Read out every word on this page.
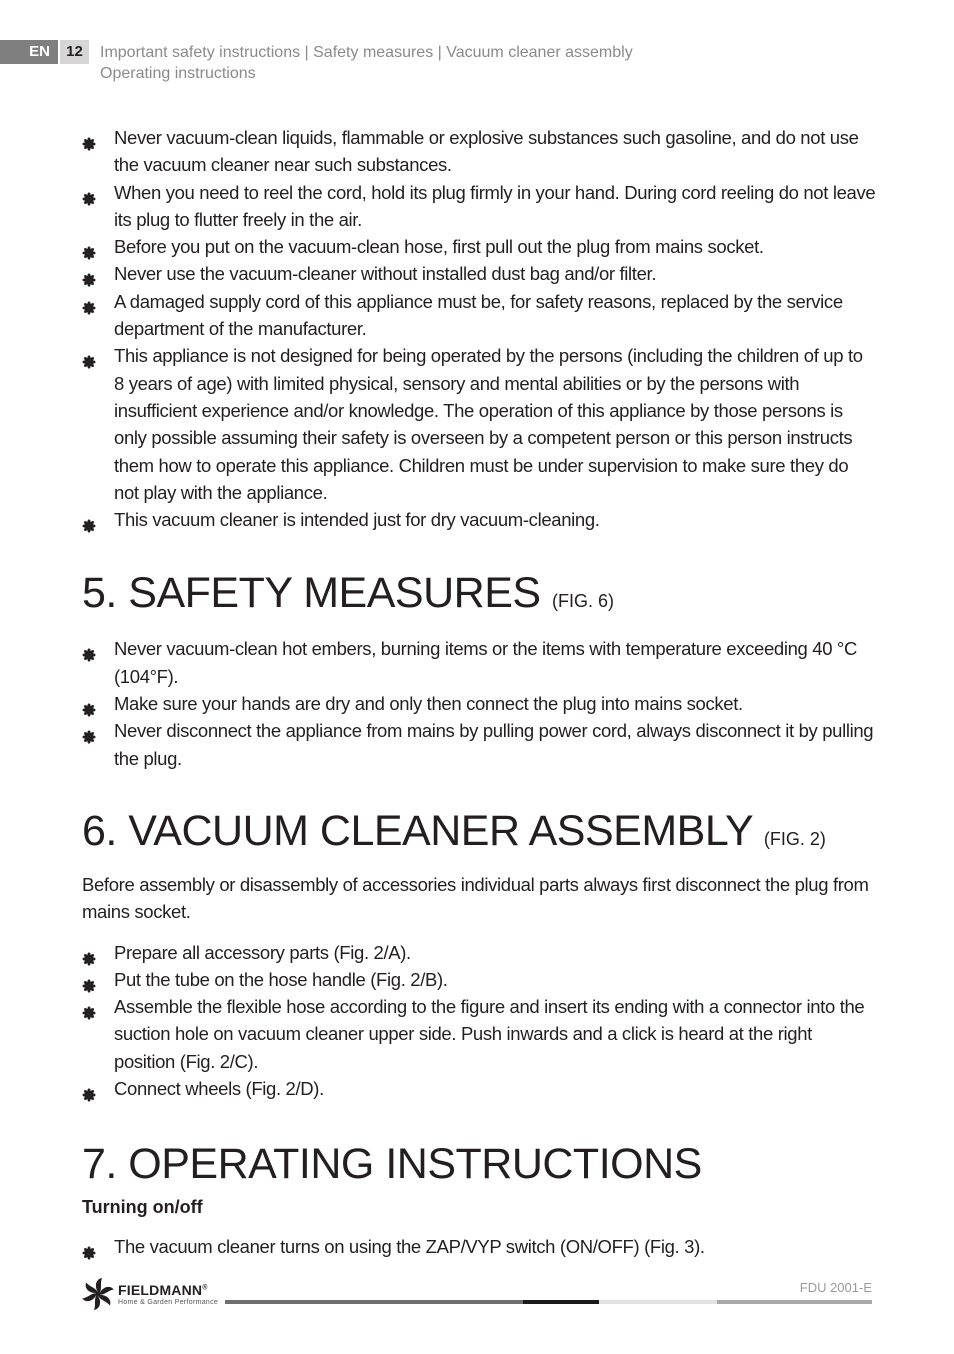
EN	12	Important safety instructions | Safety measures | Vacuum cleaner assembly
Operating instructions
Never vacuum-clean liquids, flammable or explosive substances such gasoline, and do not use the vacuum cleaner near such substances.
When you need to reel the cord, hold its plug firmly in your hand. During cord reeling do not leave its plug to flutter freely in the air.
Before you put on the vacuum-clean hose, first pull out the plug from mains socket.
Never use the vacuum-cleaner without installed dust bag and/or filter.
A damaged supply cord of this appliance must be, for safety reasons, replaced by the service department of the manufacturer.
This appliance is not designed for being operated by the persons (including the children of up to 8 years of age) with limited physical, sensory and mental abilities or by the persons with insufficient experience and/or knowledge. The operation of this appliance by those persons is only possible assuming their safety is overseen by a competent person or this person instructs them how to operate this appliance. Children must be under supervision to make sure they do not play with the appliance.
This vacuum cleaner is intended just for dry vacuum-cleaning.
5. SAFETY MEASURES (FIG. 6)
Never vacuum-clean hot embers, burning items or the items with temperature exceeding 40 °C (104°F).
Make sure your hands are dry and only then connect the plug into mains socket.
Never disconnect the appliance from mains by pulling power cord, always disconnect it by pulling the plug.
6. VACUUM CLEANER ASSEMBLY (FIG. 2)

Before assembly or disassembly of accessories individual parts always first disconnect the plug from mains socket.

Prepare all accessory parts (Fig. 2/A).
Put the tube on the hose handle (Fig. 2/B).
Assemble the flexible hose according to the figure and insert its ending with a connector into the suction hole on vacuum cleaner upper side. Push inwards and a click is heard at the right position (Fig. 2/C).
Connect wheels (Fig. 2/D).
7. OPERATING INSTRUCTIONS
Turning on/off
The vacuum cleaner turns on using the ZAP/VYP switch (ON/OFF) (Fig. 3).
FIELDMANN®
Home & Garden Performance
FDU 2001-E
